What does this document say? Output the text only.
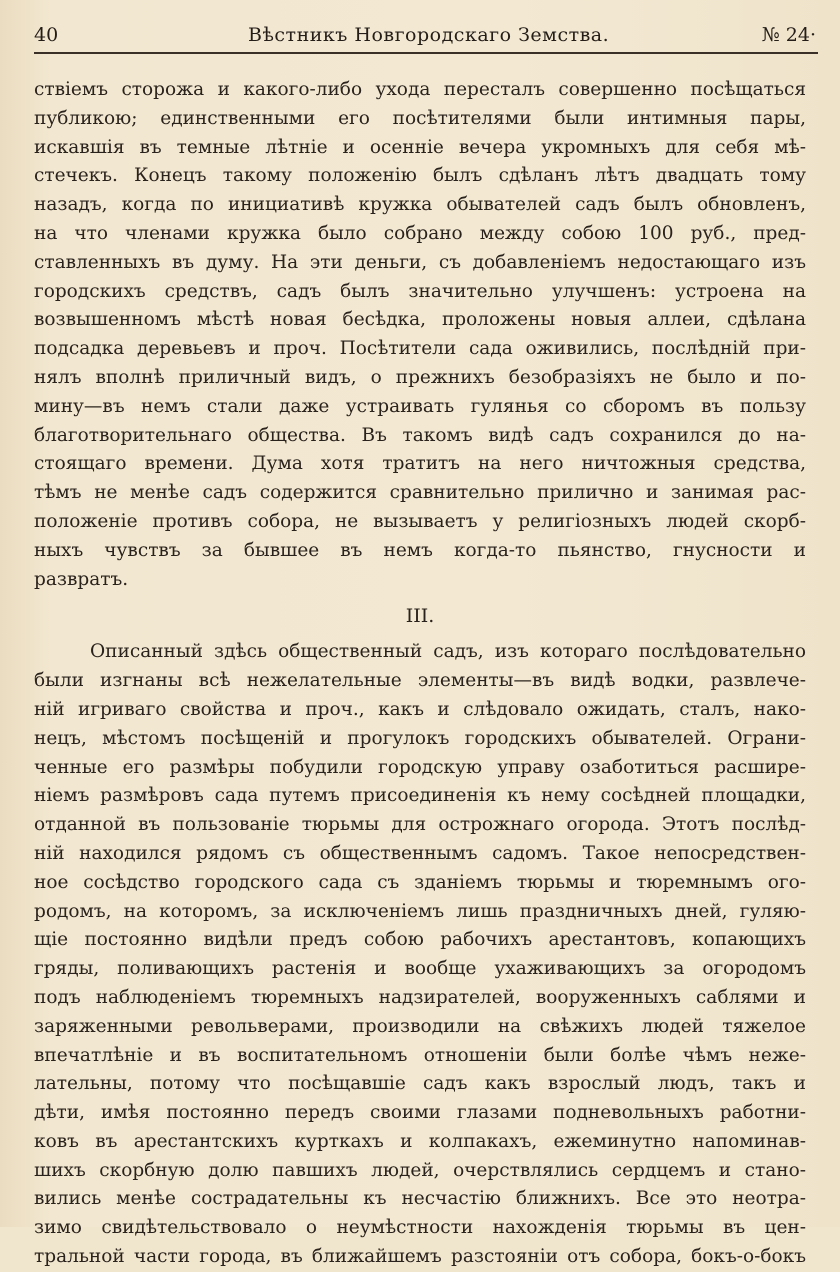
40	Вѣстникъ Новгородскаго Земства.	№ 24·
ствіемъ сторожа и какого-либо ухода перестал​ъ совершенно посѣщаться
публикою; единственными его посѣтителями были интимныя пары,
искавшія въ темные лѣтніе и осенніе вечера укромныхъ для себя мѣ-
стечекъ. Конецъ такому положенію былъ сдѣланъ лѣтъ двадцать тому
назадъ, когда по инициативѣ кружка обывателей садъ былъ обновленъ,
на что членами кружка было собрано между собою 100 руб., пред-
ставленныхъ въ думу. На эти деньги, съ добавленіемъ недостающаго изъ
городскихъ средствъ, садъ былъ значительно улучшенъ: устроена на
возвышенномъ мѣстѣ новая бесѣдка, проложены новыя аллеи, сдѣлана
подсадка деревьевъ и проч. Посѣтители сада оживились, послѣдній при-
нялъ вполнѣ приличный видъ, о прежнихъ безобразіяхъ не было и по-
мину—въ немъ стали даже устраивать гулянья со сборомъ въ пользу
благотворительнаго общества. Въ такомъ видѣ садъ сохранился до на-
стоящаго времени. Дума хотя тратитъ на него ничтожныя средства,
тѣмъ не менѣе садъ содержится сравнительно прилично и занимая рас-
положеніе противъ собора, не вызываетъ у религіозныхъ людей скорб-
ныхъ чувствъ за бывшее въ немъ когда-то пьянство, гнусности и
развратъ.
III.
Описанный здѣсь общественный садъ, изъ котораго послѣдовательно
были изгнаны всѣ нежелательные элементы—въ видѣ водки, развлече-
ній игриваго свойства и проч., какъ и слѣдовало ожидать, сталъ, нако-
нецъ, мѣстомъ посѣщеній и прогулокъ городскихъ обывателей. Ограни-
ченные его размѣры побудили городскую управу озаботиться расшире-
ніемъ размѣровъ сада путемъ присоединенія къ нему сосѣдней площадки,
отданной въ пользованіе тюрьмы для острожнаго огорода. Этотъ послѣд-
ній находился рядомъ съ общественнымъ садомъ. Такое непосредствен-
ное сосѣдство городского сада съ зданіемъ тюрьмы и тюремнымъ ого-
родомъ, на которомъ, за исключеніемъ лишь праздничныхъ дней, гуляю-
щіе постоянно видѣли предъ собою рабочихъ арестантовъ, копающихъ
гряды, поливающихъ растенія и вообще ухаживающихъ за огородомъ
подъ наблюденіемъ тюремныхъ надзирателей, вооруженныхъ саблями и
заряженными револьверами, производили на свѣжихъ людей тяжелое
впечатлѣніе и въ воспитательномъ отношеніи были болѣе чѣмъ неже-
лательны, потому что посѣщавшіе садъ какъ взрослый людъ, такъ и
дѣти, имѣя постоянно передъ своими глазами подневольныхъ работни-
ковъ въ арестантскихъ курткахъ и колпакахъ, ежеминутно напоминав-
шихъ скорбную долю павшихъ людей, очерствлялись сердцемъ и стано-
вились менѣе сострадательны къ несчастію ближнихъ. Все это неотра-
зимо свидѣтельствовало о неумѣстности нахожденія тюрьмы въ цен-
тральной части города, въ ближайшемъ разстояніи отъ собора, бокъ-о-бокъ
